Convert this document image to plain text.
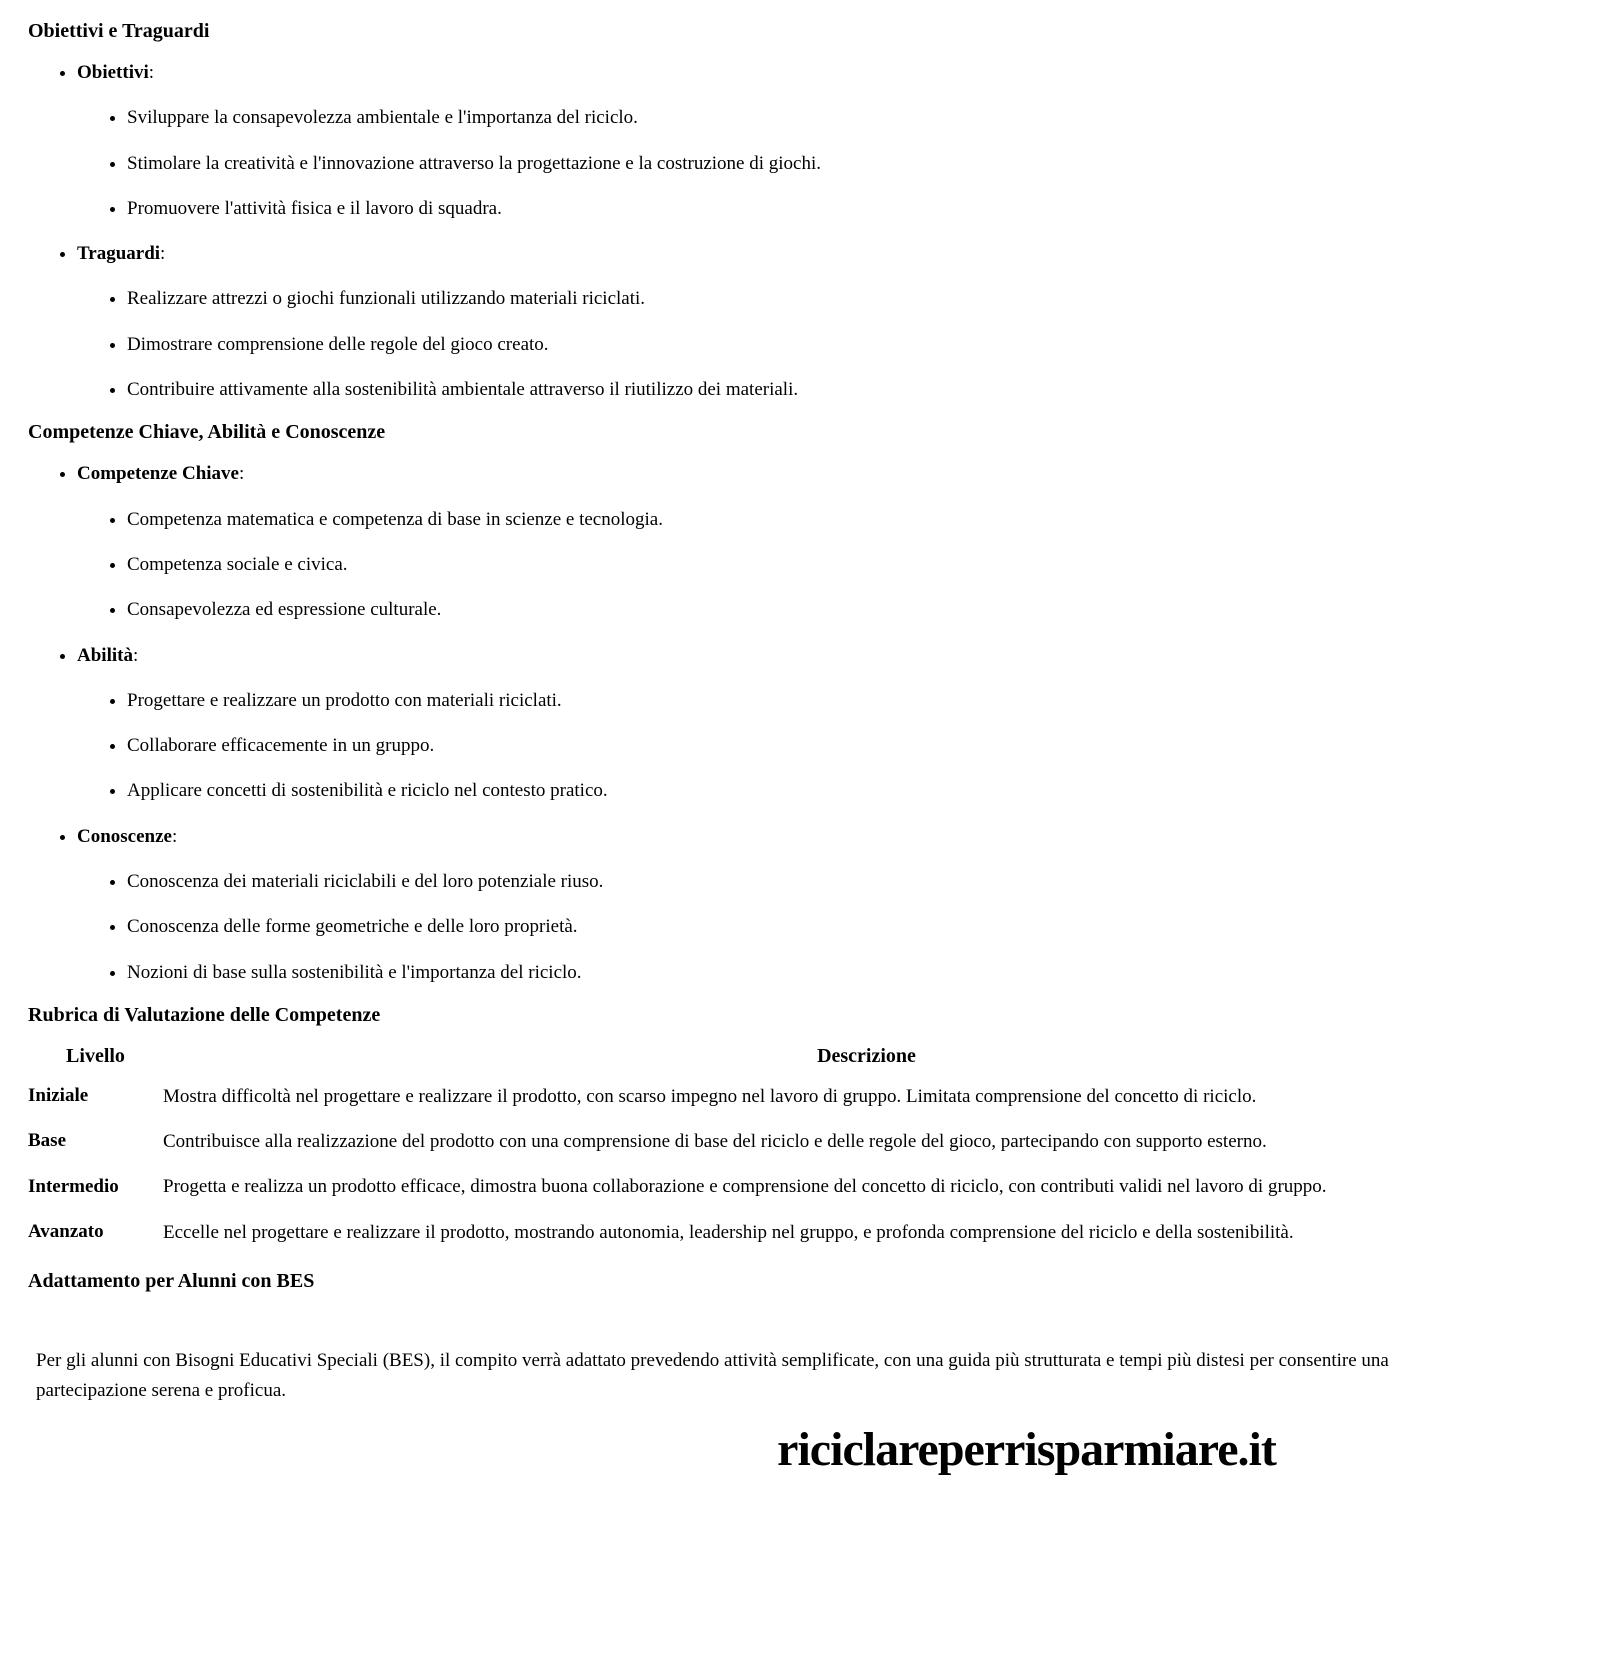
Obiettivi e Traguardi
• Obiettivi:
• Sviluppare la consapevolezza ambientale e l'importanza del riciclo.
• Stimolare la creatività e l'innovazione attraverso la progettazione e la costruzione di giochi.
• Promuovere l'attività fisica e il lavoro di squadra.
• Traguardi:
• Realizzare attrezzi o giochi funzionali utilizzando materiali riciclati.
• Dimostrare comprensione delle regole del gioco creato.
• Contribuire attivamente alla sostenibilità ambientale attraverso il riutilizzo dei materiali.
Competenze Chiave, Abilità e Conoscenze
• Competenze Chiave:
• Competenza matematica e competenza di base in scienze e tecnologia.
• Competenza sociale e civica.
• Consapevolezza ed espressione culturale.
• Abilità:
• Progettare e realizzare un prodotto con materiali riciclati.
• Collaborare efficacemente in un gruppo.
• Applicare concetti di sostenibilità e riciclo nel contesto pratico.
• Conoscenze:
• Conoscenza dei materiali riciclabili e del loro potenziale riuso.
• Conoscenza delle forme geometriche e delle loro proprietà.
• Nozioni di base sulla sostenibilità e l'importanza del riciclo.
Rubrica di Valutazione delle Competenze
Livello	Descrizione
Iniziale	Mostra difficoltà nel progettare e realizzare il prodotto, con scarso impegno nel lavoro di gruppo. Limitata comprensione del concetto di riciclo.
Base	Contribuisce alla realizzazione del prodotto con una comprensione di base del riciclo e delle regole del gioco, partecipando con supporto esterno.
Intermedio	Progetta e realizza un prodotto efficace, dimostra buona collaborazione e comprensione del concetto di riciclo, con contributi validi nel lavoro di gruppo.
Avanzato	Eccelle nel progettare e realizzare il prodotto, mostrando autonomia, leadership nel gruppo, e profonda comprensione del riciclo e della sostenibilità.
Adattamento per Alunni con BES

Per gli alunni con Bisogni Educativi Speciali (BES), il compito verrà adattato prevedendo attività semplificate, con una guida più strutturata e tempi più distesi per consentire una partecipazione serena e proficua.

riciclareperrisparmiare.it
